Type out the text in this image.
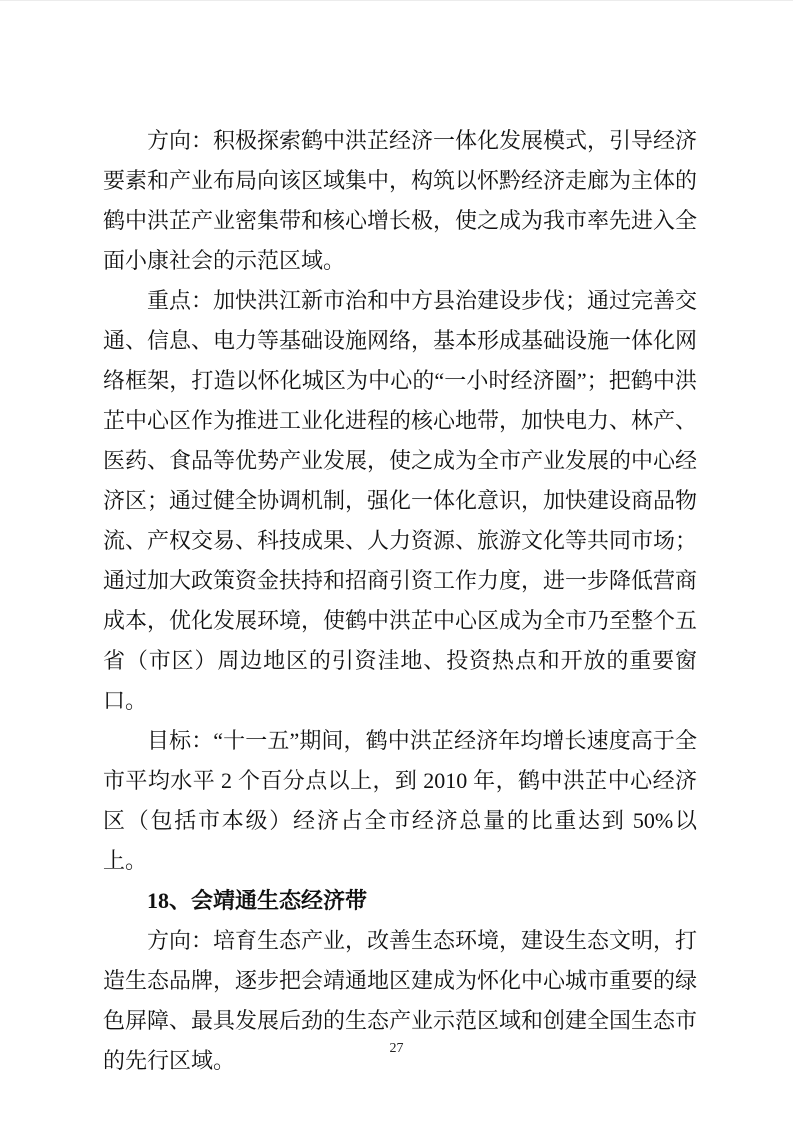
方向：积极探索鹤中洪芷经济一体化发展模式，引导经济要素和产业布局向该区域集中，构筑以怀黔经济走廊为主体的鹤中洪芷产业密集带和核心增长极，使之成为我市率先进入全面小康社会的示范区域。

重点：加快洪江新市治和中方县治建设步伐；通过完善交通、信息、电力等基础设施网络，基本形成基础设施一体化网络框架，打造以怀化城区为中心的“一小时经济圈”；把鹤中洪芷中心区作为推进工业化进程的核心地带，加快电力、林产、医药、食品等优势产业发展，使之成为全市产业发展的中心经济区；通过健全协调机制，强化一体化意识，加快建设商品物流、产权交易、科技成果、人力资源、旅游文化等共同市场；通过加大政策资金扶持和招商引资工作力度，进一步降低营商成本，优化发展环境，使鹤中洪芷中心区成为全市乃至整个五省（市区）周边地区的引资洼地、投资热点和开放的重要窗口。

目标：“十一五”期间，鹤中洪芷经济年均增长速度高于全市平均水平 2 个百分点以上，到 2010 年，鹤中洪芷中心经济区（包括市本级）经济占全市经济总量的比重达到 50%以上。

18、会靖通生态经济带

方向：培育生态产业，改善生态环境，建设生态文明，打造生态品牌，逐步把会靖通地区建成为怀化中心城市重要的绿色屏障、最具发展后劲的生态产业示范区域和创建全国生态市的先行区域。	27
